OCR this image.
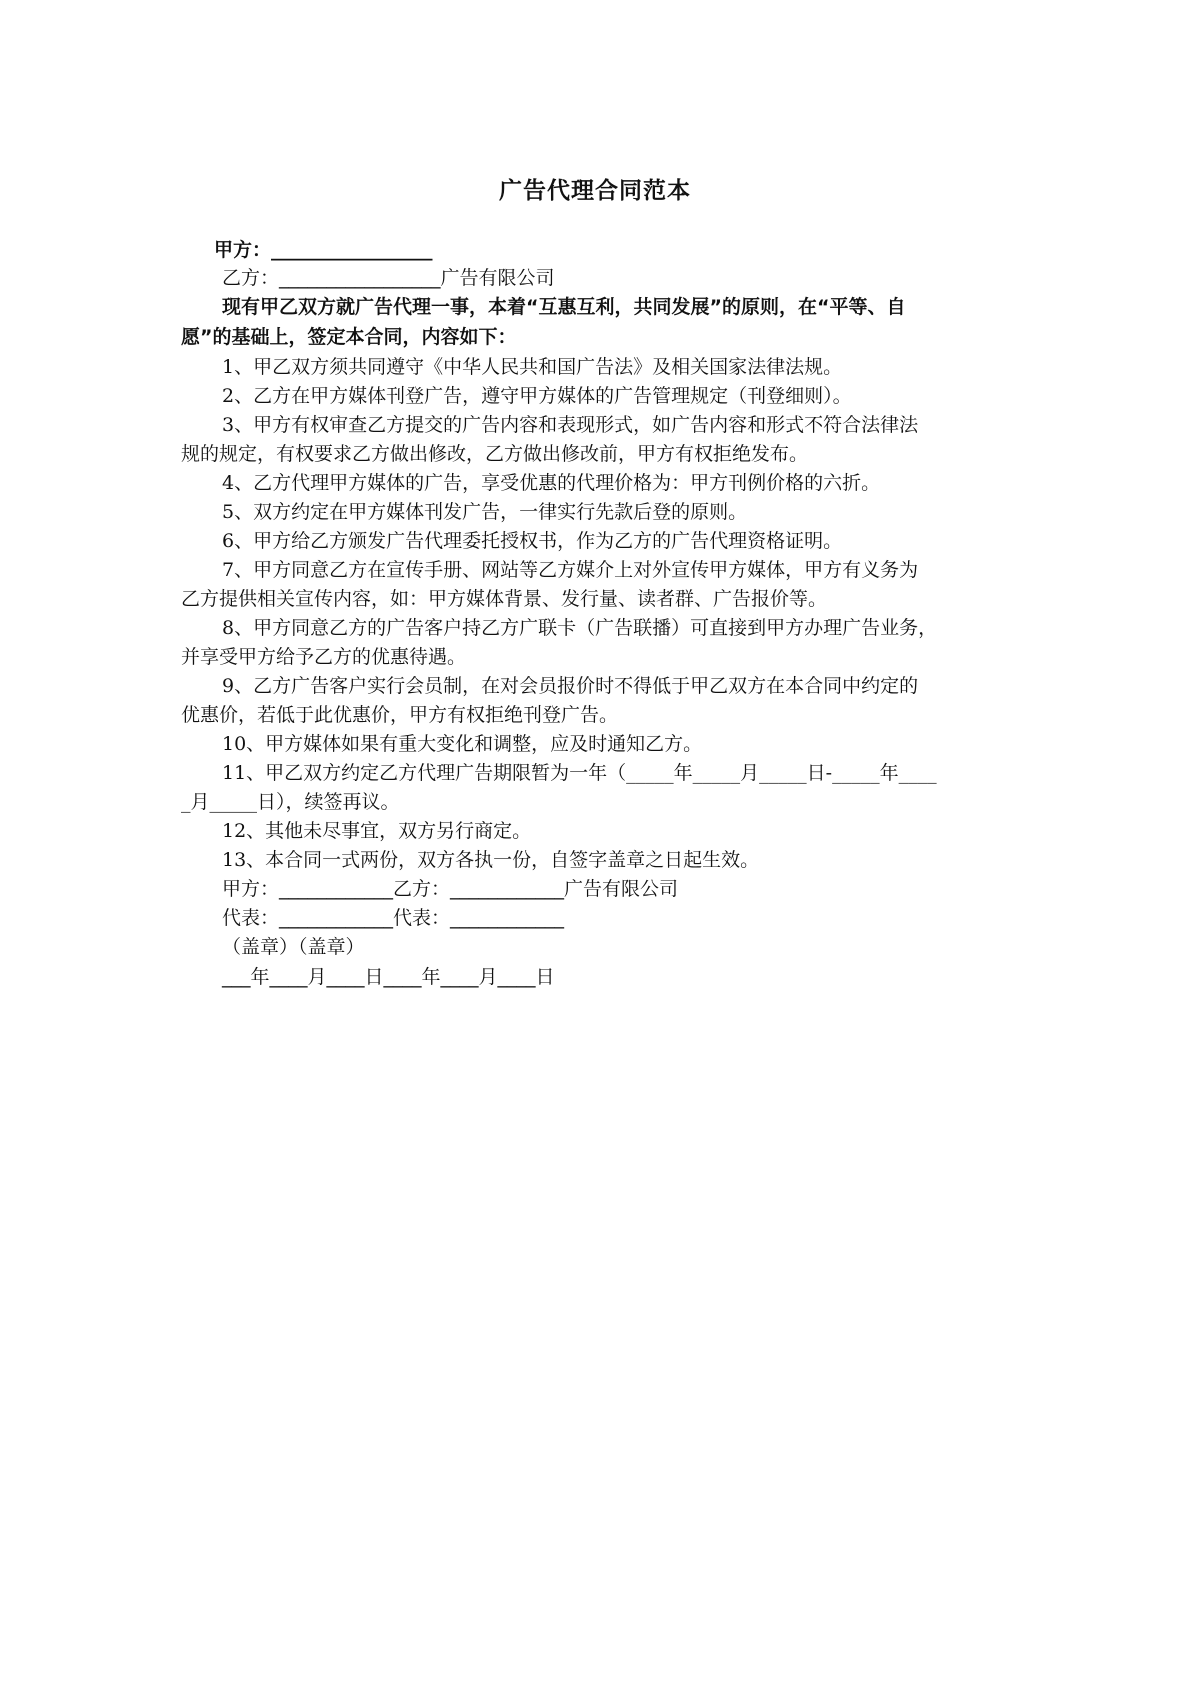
广告代理合同范本
甲方：_________________
乙方：_________________广告有限公司
现有甲乙双方就广告代理一事，本着“互惠互利，共同发展”的原则，在“平等、自
愿”的基础上，签定本合同，内容如下：
1、甲乙双方须共同遵守《中华人民共和国广告法》及相关国家法律法规。
2、乙方在甲方媒体刊登广告，遵守甲方媒体的广告管理规定（刊登细则）。
3、甲方有权审查乙方提交的广告内容和表现形式，如广告内容和形式不符合法律法
规的规定，有权要求乙方做出修改，乙方做出修改前，甲方有权拒绝发布。
4、乙方代理甲方媒体的广告，享受优惠的代理价格为：甲方刊例价格的六折。
5、双方约定在甲方媒体刊发广告，一律实行先款后登的原则。
6、甲方给乙方颁发广告代理委托授权书，作为乙方的广告代理资格证明。
7、甲方同意乙方在宣传手册、网站等乙方媒介上对外宣传甲方媒体，甲方有义务为
乙方提供相关宣传内容，如：甲方媒体背景、发行量、读者群、广告报价等。
8、甲方同意乙方的广告客户持乙方广联卡（广告联播）可直接到甲方办理广告业务，
并享受甲方给予乙方的优惠待遇。
9、乙方广告客户实行会员制，在对会员报价时不得低于甲乙双方在本合同中约定的
优惠价，若低于此优惠价，甲方有权拒绝刊登广告。
10、甲方媒体如果有重大变化和调整，应及时通知乙方。
11、甲乙双方约定乙方代理广告期限暂为一年（_____年_____月_____日-_____年____
_月_____日），续签再议。
12、其他未尽事宜，双方另行商定。
13、本合同一式两份，双方各执一份，自签字盖章之日起生效。
甲方：____________乙方：____________广告有限公司
代表：____________代表：____________
（盖章）（盖章）
___年____月____日____年____月____日
